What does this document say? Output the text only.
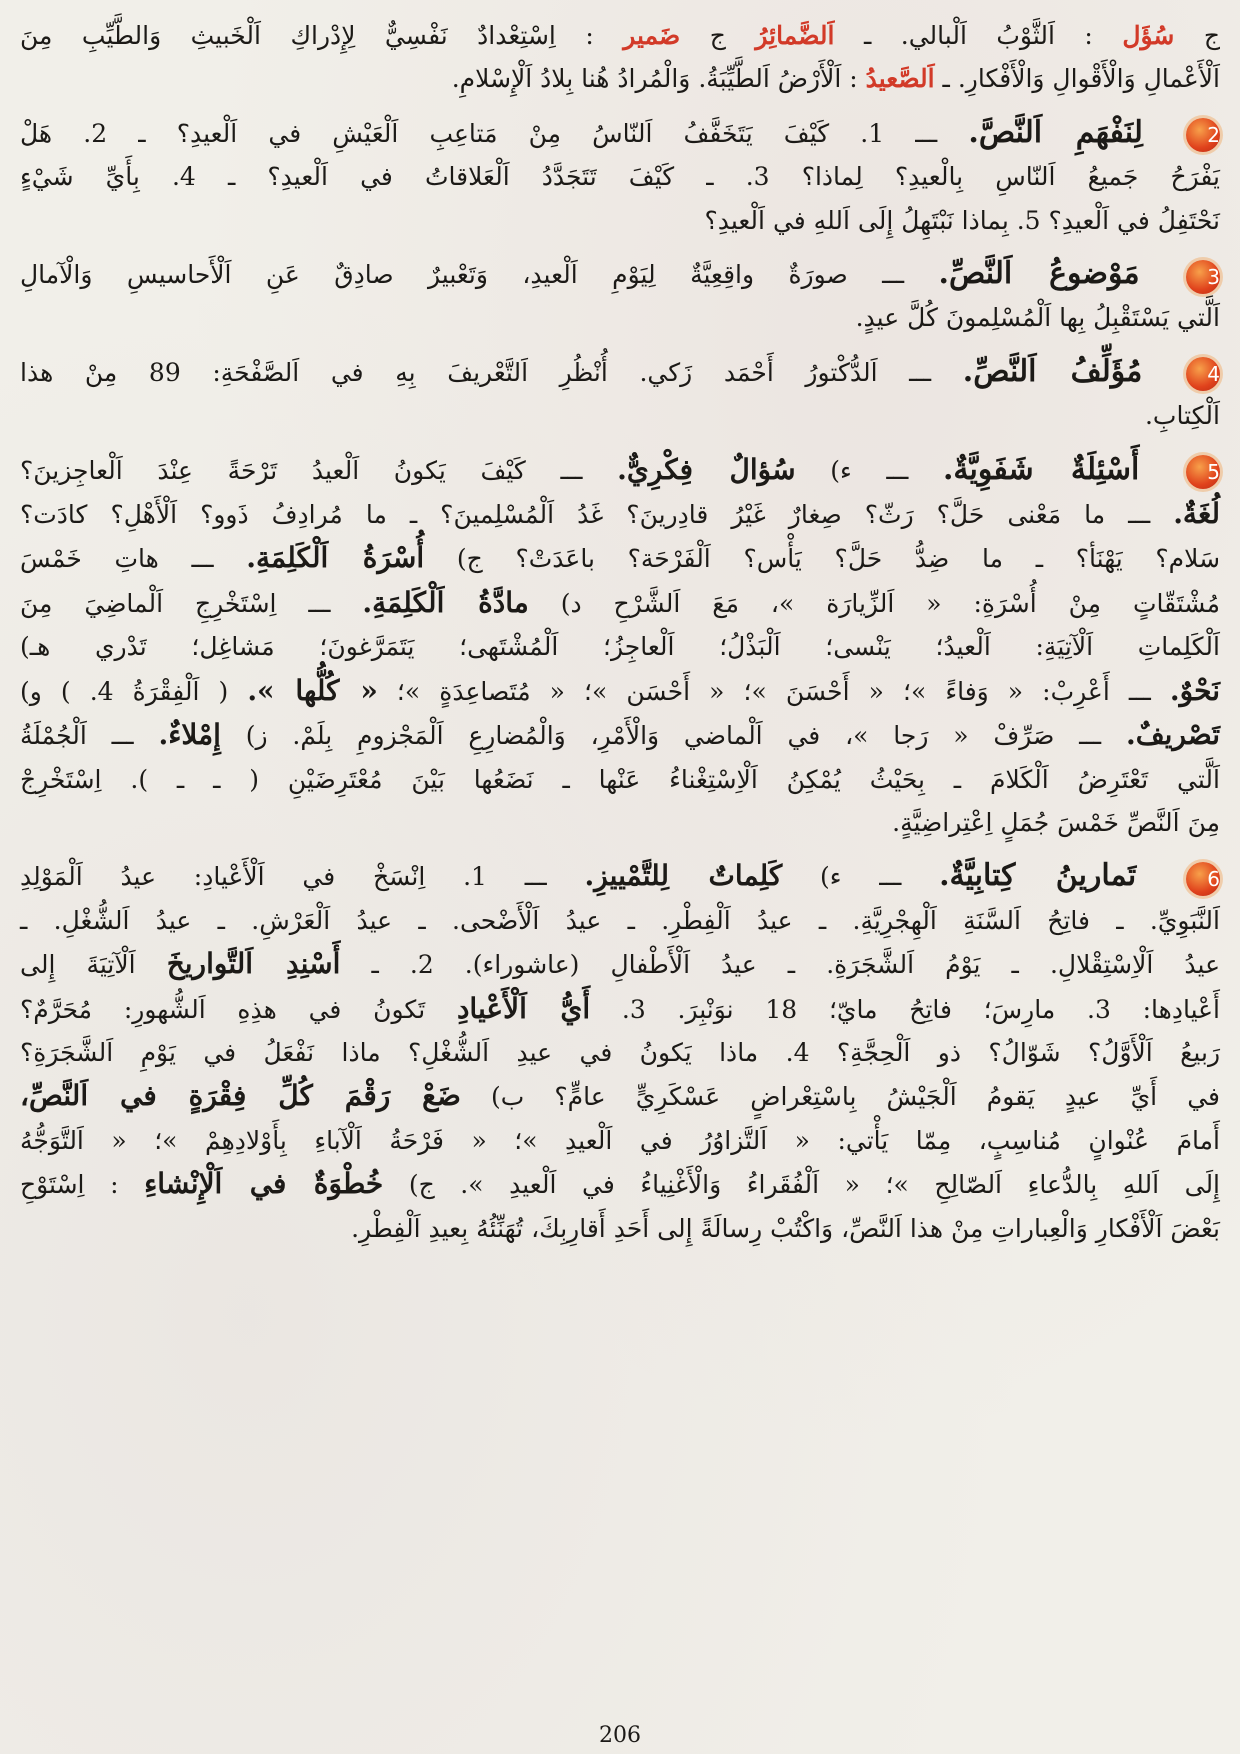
ج سُؤَل : اَلثَّوْبُ اَلْبالي. ـ اَلضَّمائِرُ ج ضَمير : اِسْتِعْدادٌ نَفْسِيٌّ لِإِدْراكِ اَلْخَبيثِ وَالطَّيِّبِ مِنَ

اَلْأَعْمالِ وَالْأَقْوالِ وَالْأَفْكارِ. ـ اَلصَّعيدُ : اَلْأَرْضُ اَلطَّيِّبَةُ. وَالْمُرادُ هُنا بِلادُ اَلْإِسْلامِ.

2 لِنَفْهَمِ اَلنَّصَّ. ـــ 1. كَيْفَ يَتَخَفَّفُ اَلنّاسُ مِنْ مَتاعِبِ اَلْعَيْشِ في اَلْعيدِ؟ ـ 2. هَلْ

يَفْرَحُ جَميعُ اَلنّاسِ بِالْعيدِ؟ لِماذا؟ 3. ـ كَيْفَ تَتَجَدَّدُ اَلْعَلاقاتُ في اَلْعيدِ؟ ـ 4. بِأَيِّ شَيْءٍ

نَحْتَفِلُ في اَلْعيدِ؟ 5. بِماذا نَبْتَهِلُ إِلَى اَللهِ في اَلْعيدِ؟

3 مَوْضوعُ اَلنَّصِّ. ـــ صورَةٌ واقِعِيَّةٌ لِيَوْمِ اَلْعيدِ، وَتَعْبيرٌ صادِقٌ عَنِ اَلْأَحاسيسِ وَالْآمالِ

اَلَّتي يَسْتَقْبِلُ بِها اَلْمُسْلِمونَ كُلَّ عيدٍ.

4 مُؤَلِّفُ اَلنَّصِّ. ـــ اَلدُّكْتورُ أَحْمَد زَكي. أُنْظُرِ اَلتَّعْريفَ بِهِ في اَلصَّفْحَةِ: 89 مِنْ هذا

اَلْكِتابِ.

5 أَسْئِلَةٌ شَفَوِيَّةٌ. ـــ ء) سُؤالٌ فِكْرِيٌّ. ـــ كَيْفَ يَكونُ اَلْعيدُ تَرْحَةً عِنْدَ اَلْعاجِزينَ؟

لُغَةٌ. ـــ ما مَعْنى حَلَّ؟ رَثّ؟ صِغارٌ غَيْرُ قادِرينَ؟ غَدُ اَلْمُسْلِمينَ؟ ـ ما مُرادِفُ ذَوو؟ اَلْأَهْلِ؟ كادَت؟

سَلام؟ يَهْنَأ؟ ـ ما ضِدُّ حَلَّ؟ يَأْس؟ اَلْفَرْحَة؟ باعَدَتْ؟ ج) أُسْرَةُ اَلْكَلِمَةِ. ـــ هاتِ خَمْسَ

مُشْتَقّاتٍ مِنْ أُسْرَةِ: « اَلزِّيارَة »، مَعَ اَلشَّرْحِ د) مادَّةُ اَلْكَلِمَةِ. ـــ اِسْتَخْرِجِ اَلْماضِيَ مِنَ

اَلْكَلِماتِ اَلْآتِيَةِ: اَلْعيدُ؛ يَنْسى؛ اَلْبَذْلُ؛ اَلْعاجِزُ؛ اَلْمُشْتَهى؛ يَتَمَرَّغونَ؛ مَشاغِل؛ تَدْري هـ)

نَحْوٌ. ـــ أَعْرِبْ: « وَفاءً »؛ « أَحْسَنَ »؛ « أَحْسَن »؛ « مُتَصاعِدَةٍ »؛ « كُلُّها ». ( اَلْفِقْرَةُ 4. ) و)

تَصْريفٌ. ـــ صَرِّفْ « رَجا »، في اَلْماضي وَالْأَمْرِ، وَالْمُضارِعِ اَلْمَجْزومِ بِلَمْ. ز) إِمْلاءٌ. ـــ اَلْجُمْلَةُ

اَلَّتي تَعْتَرِضُ اَلْكَلامَ ـ بِحَيْثُ يُمْكِنُ اَلْاِسْتِغْناءُ عَنْها ـ نَضَعُها بَيْنَ مُعْتَرِضَيْنِ ( ـ ـ ). اِسْتَخْرِجْ

مِنَ اَلنَّصِّ خَمْسَ جُمَلٍ اِعْتِراضِيَّةٍ.

6 تَمارينُ كِتابِيَّةٌ. ـــ ء) كَلِماتٌ لِلتَّمْييزِ. ـــ 1. اِنْسَخْ في اَلْأَعْيادِ: عيدُ اَلْمَوْلِدِ

اَلنَّبَوِيِّ. ـ فاتِحُ اَلسَّنَةِ اَلْهِجْرِيَّةِ. ـ عيدُ اَلْفِطْرِ. ـ عيدُ اَلْأَضْحى. ـ عيدُ اَلْعَرْشِ. ـ عيدُ اَلشُّغْلِ. ـ

عيدُ اَلْاِسْتِقْلالِ. ـ يَوْمُ اَلشَّجَرَةِ. ـ عيدُ اَلْأَطْفالِ (عاشوراء). 2. ـ أَسْنِدِ اَلتَّواريخَ اَلْآتِيَةَ إِلى

أَعْيادِها: 3. مارِسَ؛ فاتِحُ مايّ؛ 18 نوَنْبِرَ. 3. أَيُّ اَلْأَعْيادِ تَكونُ في هذِهِ اَلشُّهورِ: مُحَرَّمٌ؟

رَبيعُ اَلْأَوَّلُ؟ شَوّالُ؟ ذو اَلْحِجَّةِ؟ 4. ماذا يَكونُ في عيدِ اَلشُّغْلِ؟ ماذا نَفْعَلُ في يَوْمِ اَلشَّجَرَةِ؟

في أَيِّ عيدٍ يَقومُ اَلْجَيْشُ بِاسْتِعْراضٍ عَسْكَرِيٍّ عامٍّ؟ ب) ضَعْ رَقْمَ كُلِّ فِقْرَةٍ في اَلنَّصِّ،

أَمامَ عُنْوانٍ مُناسِبٍ، مِمّا يَأْتي: « اَلتَّزاوُرُ في اَلْعيدِ »؛ « فَرْحَةُ اَلْآباءِ بِأَوْلادِهِمْ »؛ « اَلتَّوَجُّهُ

إِلَى اَللهِ بِالدُّعاءِ اَلصّالِحِ »؛ « اَلْفُقَراءُ وَالْأَغْنِياءُ في اَلْعيدِ ». ج) خُطْوَةٌ في اَلْإِنْشاءِ : اِسْتَوْحِ

بَعْضَ اَلْأَفْكارِ وَالْعِباراتِ مِنْ هذا اَلنَّصِّ، وَاكْتُبْ رِسالَةً إِلى أَحَدِ أَقارِبِكَ، تُهَنِّئُهُ بِعيدِ اَلْفِطْرِ.

206
